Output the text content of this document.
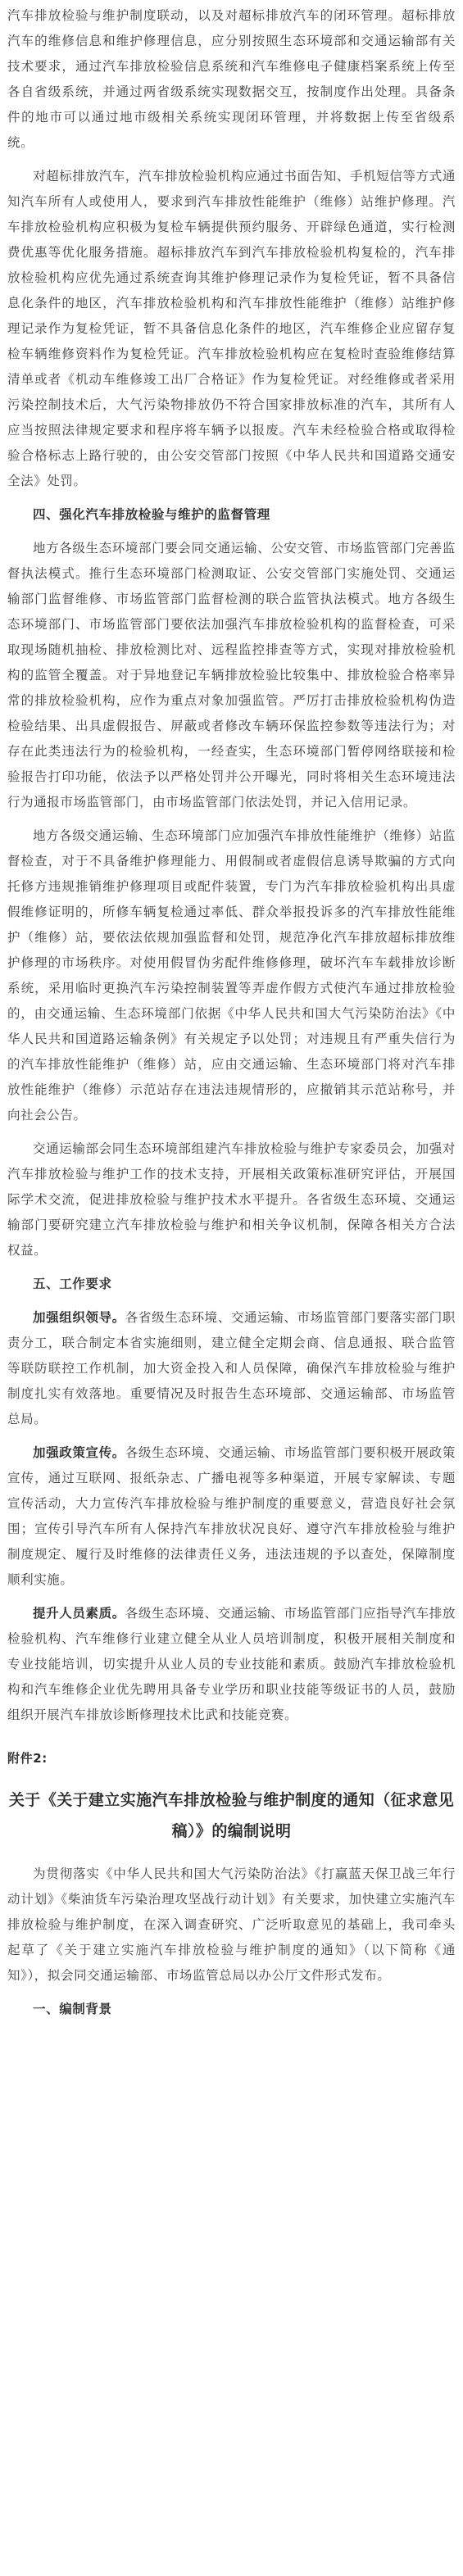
汽车排放检验与维护制度联动，以及对超标排放汽车的闭环管理。超标排放汽车的维修信息和维护修理信息，应分别按照生态环境部和交通运输部有关技术要求，通过汽车排放检验信息系统和汽车维修电子健康档案系统上传至各自省级系统，并通过两省级系统实现数据交互，按制度作出处理。具备条件的地市可以通过地市级相关系统实现闭环管理，并将数据上传至省级系统。

对超标排放汽车，汽车排放检验机构应通过书面告知、手机短信等方式通知汽车所有人或使用人，要求到汽车排放性能维护（维修）站维护修理。汽车排放检验机构应积极为复检车辆提供预约服务、开辟绿色通道，实行检测费优惠等优化服务措施。超标排放汽车到汽车排放检验机构复检的，汽车排放检验机构应优先通过系统查询其维护修理记录作为复检凭证，暂不具备信息化条件的地区，汽车排放检验机构和汽车排放性能维护（维修）站维护修理记录作为复检凭证，暂不具备信息化条件的地区，汽车维修企业应留存复检车辆维修资料作为复检凭证。汽车排放检验机构应在复检时查验维修结算清单或者《机动车维修竣工出厂合格证》作为复检凭证。对经维修或者采用污染控制技术后，大气污染物排放仍不符合国家排放标准的汽车，其所有人应当按照法律规定要求和程序将车辆予以报废。汽车未经检验合格或取得检验合格标志上路行驶的，由公安交管部门按照《中华人民共和国道路交通安全法》处罚。

四、强化汽车排放检验与维护的监督管理

地方各级生态环境部门要会同交通运输、公安交管、市场监管部门完善监督执法模式。推行生态环境部门检测取证、公安交管部门实施处罚、交通运输部门监督维修、市场监管部门监督检测的联合监管执法模式。地方各级生态环境部门、市场监管部门要依法加强汽车排放检验机构的监督检查，可采取现场随机抽检、排放检测比对、远程监控排查等方式，实现对排放检验机构的监管全覆盖。对于异地登记车辆排放检验比较集中、排放检验合格率异常的排放检验机构，应作为重点对象加强监管。严厉打击排放检验机构伪造检验结果、出具虚假报告、屏蔽或者修改车辆环保监控参数等违法行为；对存在此类违法行为的检验机构，一经查实，生态环境部门暂停网络联接和检验报告打印功能，依法予以严格处罚并公开曝光，同时将相关生态环境违法行为通报市场监管部门，由市场监管部门依法处罚，并记入信用记录。

地方各级交通运输、生态环境部门应加强汽车排放性能维护（维修）站监督检查，对于不具备维护修理能力、用假制或者虚假信息诱导欺骗的方式向托修方违规推销维护修理项目或配件装置，专门为汽车排放检验机构出具虚假维修证明的，所修车辆复检通过率低、群众举报投诉多的汽车排放性能维护（维修）站，要依法依规加强监督和处罚，规范净化汽车排放超标排放维护修理的市场秩序。对使用假冒伪劣配件维修修理，破坏汽车车载排放诊断系统，采用临时更换汽车污染控制装置等弄虚作假方式使汽车通过排放检验的，由交通运输、生态环境部门依据《中华人民共和国大气污染防治法》《中华人民共和国道路运输条例》有关规定予以处罚；对违规且有严重失信行为的汽车排放性能维护（维修）站，应由交通运输、生态环境部门将对汽车排放性能维护（维修）示范站存在违法违规情形的，应撤销其示范站称号，并向社会公告。

交通运输部会同生态环境部组建汽车排放检验与维护专家委员会，加强对汽车排放检验与维护工作的技术支持，开展相关政策标准研究评估，开展国际学术交流，促进排放检验与维护技术水平提升。各省级生态环境、交通运输部门要研究建立汽车排放检验与维护和相关争议机制，保障各相关方合法权益。

五、工作要求

加强组织领导。各省级生态环境、交通运输、市场监管部门要落实部门职责分工，联合制定本省实施细则，建立健全定期会商、信息通报、联合监管等联防联控工作机制，加大资金投入和人员保障，确保汽车排放检验与维护制度扎实有效落地。重要情况及时报告生态环境部、交通运输部、市场监管总局。

加强政策宣传。各级生态环境、交通运输、市场监管部门要积极开展政策宣传，通过互联网、报纸杂志、广播电视等多种渠道，开展专家解读、专题宣传活动，大力宣传汽车排放检验与维护制度的重要意义，营造良好社会氛围；宣传引导汽车所有人保持汽车排放状况良好、遵守汽车排放检验与维护制度规定、履行及时维修的法律责任义务，违法违规的予以查处，保障制度顺利实施。

提升人员素质。各级生态环境、交通运输、市场监管部门应指导汽车排放检验机构、汽车维修行业建立健全从业人员培训制度，积极开展相关制度和专业技能培训，切实提升从业人员的专业技能和素质。鼓励汽车排放检验机构和汽车维修企业优先聘用具备专业学历和职业技能等级证书的人员，鼓励组织开展汽车排放诊断修理技术比武和技能竞赛。

附件2:

关于《关于建立实施汽车排放检验与维护制度的通知（征求意见稿）》的编制说明

为贯彻落实《中华人民共和国大气污染防治法》《打赢蓝天保卫战三年行动计划》《柴油货车污染治理攻坚战行动计划》有关要求，加快建立实施汽车排放检验与维护制度，在深入调查研究、广泛听取意见的基础上，我司牵头起草了《关于建立实施汽车排放检验与维护制度的通知》（以下简称《通知》），拟会同交通运输部、市场监管总局以办公厅文件形式发布。

一、编制背景
